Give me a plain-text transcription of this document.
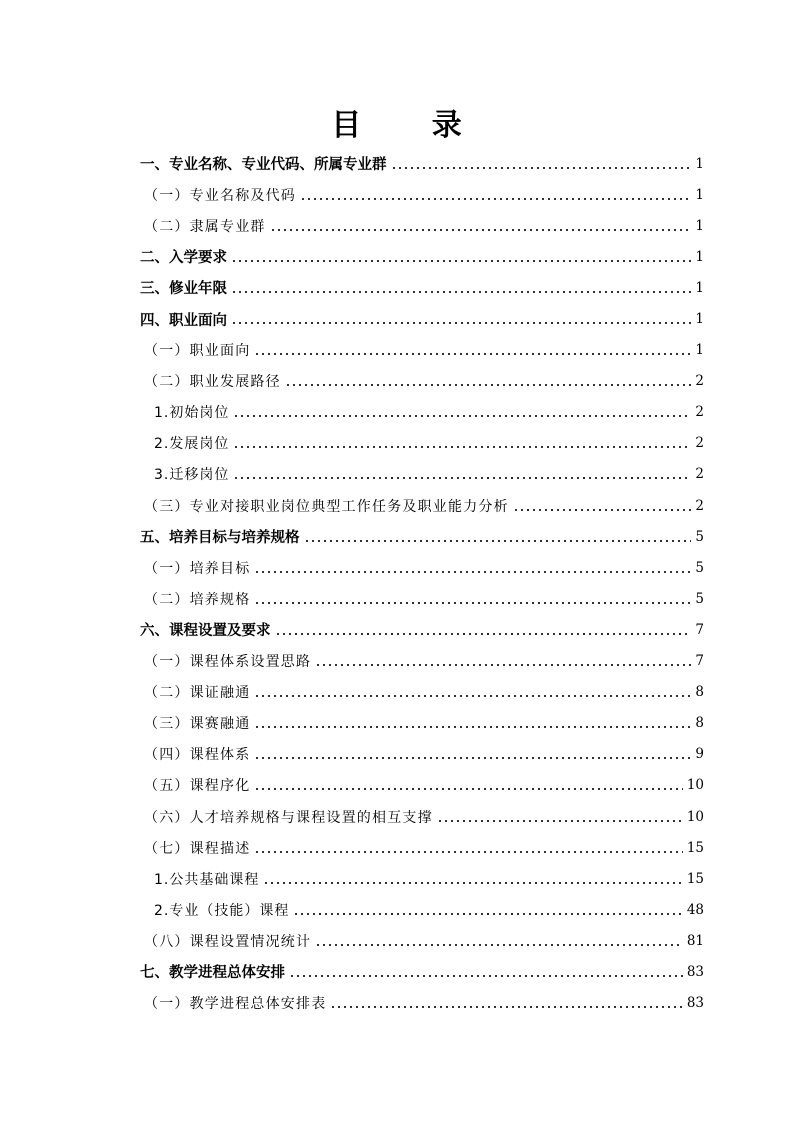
目 录
一、专业名称、专业代码、所属专业群	1
（一）专业名称及代码	1
（二）隶属专业群	1
二、入学要求	1
三、修业年限	1
四、职业面向	1
（一）职业面向	1
（二）职业发展路径	2
1.初始岗位	2
2.发展岗位	2
3.迁移岗位	2
（三）专业对接职业岗位典型工作任务及职业能力分析	2
五、培养目标与培养规格	5
（一）培养目标	5
（二）培养规格	5
六、课程设置及要求	7
（一）课程体系设置思路	7
（二）课证融通	8
（三）课赛融通	8
（四）课程体系	9
（五）课程序化	10
（六）人才培养规格与课程设置的相互支撑	10
（七）课程描述	15
1.公共基础课程	15
2.专业（技能）课程	48
（八）课程设置情况统计	81
七、教学进程总体安排	83
（一）教学进程总体安排表	83
